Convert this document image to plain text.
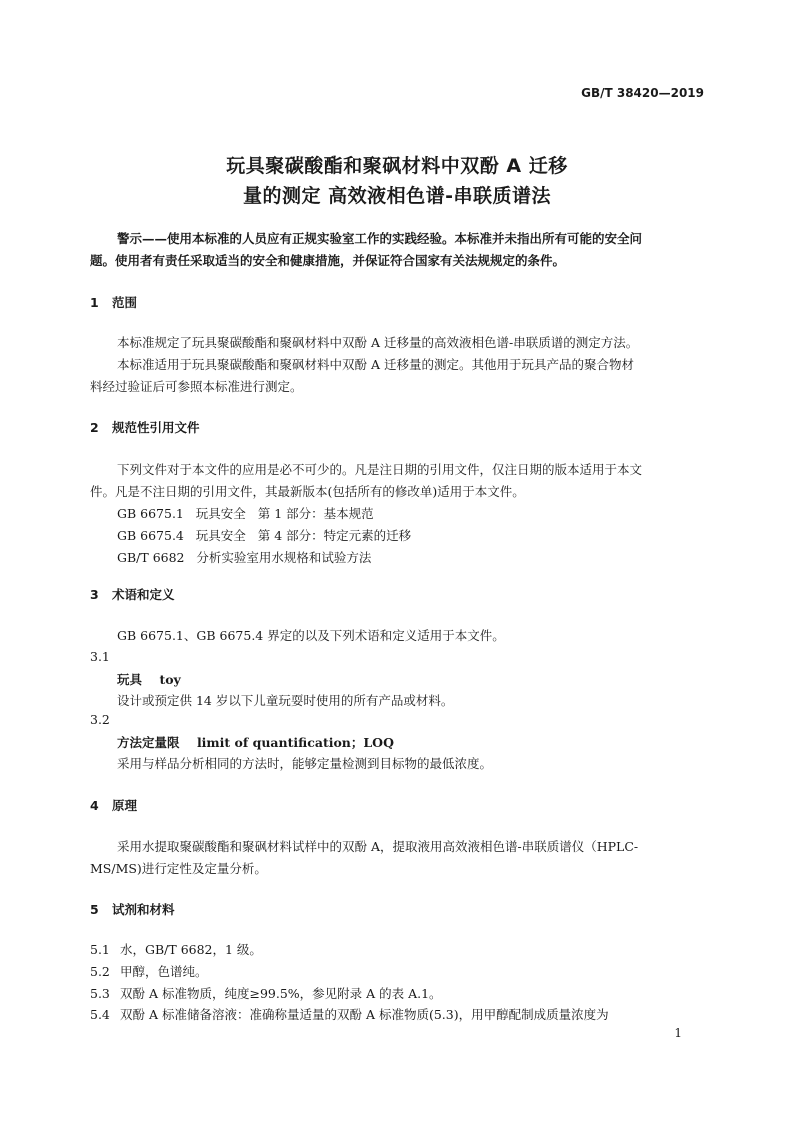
GB/T 38420—2019
玩具聚碳酸酯和聚砜材料中双酚 A 迁移
量的测定 高效液相色谱-串联质谱法
警示——使用本标准的人员应有正规实验室工作的实践经验。本标准并未指出所有可能的安全问
题。使用者有责任采取适当的安全和健康措施，并保证符合国家有关法规规定的条件。
1 范围
本标准规定了玩具聚碳酸酯和聚砜材料中双酚 A 迁移量的高效液相色谱-串联质谱的测定方法。
本标准适用于玩具聚碳酸酯和聚砜材料中双酚 A 迁移量的测定。其他用于玩具产品的聚合物材
料经过验证后可参照本标准进行测定。
2 规范性引用文件
下列文件对于本文件的应用是必不可少的。凡是注日期的引用文件，仅注日期的版本适用于本文
件。凡是不注日期的引用文件，其最新版本(包括所有的修改单)适用于本文件。
GB 6675.1   玩具安全   第 1 部分：基本规范
GB 6675.4   玩具安全   第 4 部分：特定元素的迁移
GB/T 6682   分析实验室用水规格和试验方法
3 术语和定义
GB 6675.1、GB 6675.4 界定的以及下列术语和定义适用于本文件。
3.1
玩具 toy
设计或预定供 14 岁以下儿童玩耍时使用的所有产品或材料。
3.2
方法定量限 limit of quantification；LOQ
采用与样品分析相同的方法时，能够定量检测到目标物的最低浓度。
4 原理
采用水提取聚碳酸酯和聚砜材料试样中的双酚 A，提取液用高效液相色谱-串联质谱仪（HPLC-
MS/MS)进行定性及定量分析。
5 试剂和材料
5.1 水，GB/T 6682，1 级。
5.2 甲醇，色谱纯。
5.3 双酚 A 标准物质，纯度≥99.5%，参见附录 A 的表 A.1。
5.4 双酚 A 标准储备溶液：准确称量适量的双酚 A 标准物质(5.3)，用甲醇配制成质量浓度为
1
